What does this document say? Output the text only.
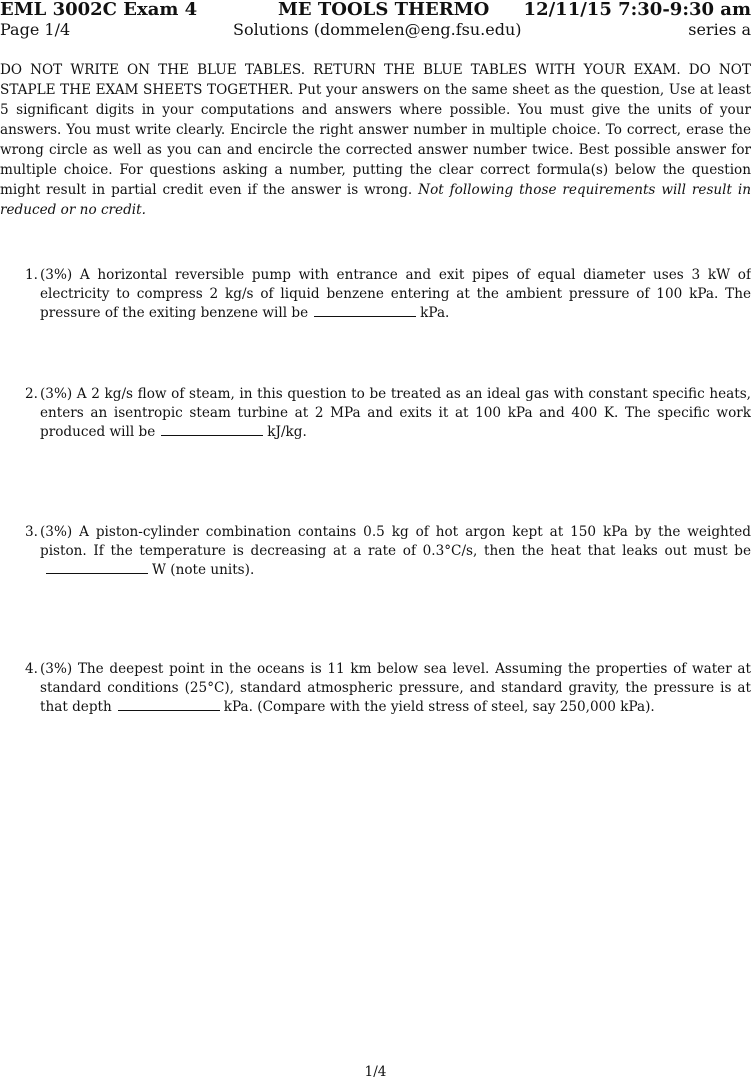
EML 3002C Exam 4	ME TOOLS THERMO 12/11/15 7:30-9:30 am
Page 1/4	Solutions (dommelen@eng.fsu.edu)	series a
DO NOT WRITE ON THE BLUE TABLES. RETURN THE BLUE TABLES WITH YOUR EXAM. DO NOT STAPLE THE EXAM SHEETS TOGETHER. Put your answers on the same sheet as the question, Use at least 5 significant digits in your computations and answers where possible. You must give the units of your answers. You must write clearly. Encircle the right answer number in multiple choice. To correct, erase the wrong circle as well as you can and encircle the corrected answer number twice. Best possible answer for multiple choice. For questions asking a number, putting the clear correct formula(s) below the question might result in partial credit even if the answer is wrong. Not following those requirements will result in reduced or no credit.
1. (3%) A horizontal reversible pump with entrance and exit pipes of equal diameter uses 3 kW of electricity to compress 2 kg/s of liquid benzene entering at the ambient pressure of 100 kPa. The pressure of the exiting benzene will be	kPa.
2. (3%) A 2 kg/s flow of steam, in this question to be treated as an ideal gas with constant specific heats, enters an isentropic steam turbine at 2 MPa and exits it at 100 kPa and 400 K. The specific work produced will be	kJ/kg.
3. (3%) A piston-cylinder combination contains 0.5 kg of hot argon kept at 150 kPa by the weighted piston. If the temperature is decreasing at a rate of 0.3°C/s, then the heat that leaks out must beW (note units).
4. (3%) The deepest point in the oceans is 11 km below sea level. Assuming the properties of water at standard conditions (25°C), standard atmospheric pressure, and standard gravity, the pressure is at that depth	kPa. (Compare with the yield stress of steel, say 250,000 kPa).
1/4
